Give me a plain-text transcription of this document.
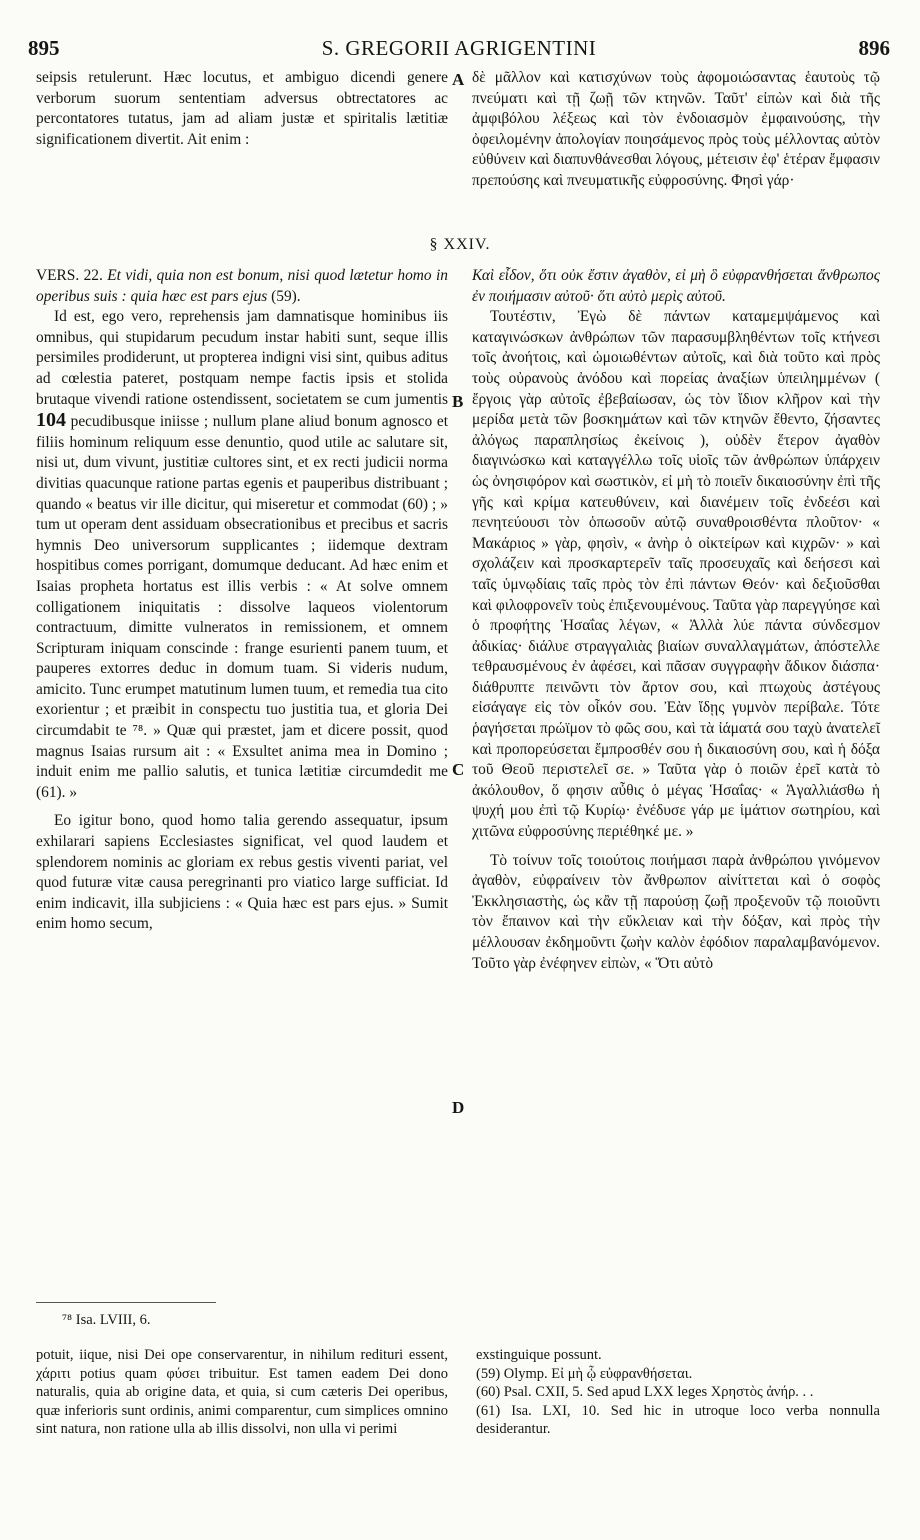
S. GREGORII AGRIGENTINI
895	896
A
B
C
D

seipsis retulerunt. Hæc locutus, et ambiguo dicendi genere verborum suorum sententiam adversus obtrectatores ac percontatores tutatus, jam ad aliam justæ et spiritalis lætitiæ significationem divertit. Ait enim :

δὲ μᾶλλον καὶ κατισχύνων τοὺς ἀφομοιώσαντας ἑαυτοὺς τῷ πνεύματι καὶ τῇ ζωῇ τῶν κτηνῶν. Ταῦτ' εἰπὼν καὶ διὰ τῆς ἀμφιβόλου λέξεως καὶ τὸν ἐνδοιασμὸν ἐμφαινούσης, τὴν ὀφειλομένην ἀπολογίαν ποιησάμενος πρὸς τοὺς μέλλοντας αὐτὸν εὐθύνειν καὶ διαπυνθάνεσθαι λόγους, μέτεισιν ἐφ' ἑτέραν ἔμφασιν πρεπούσης καὶ πνευματικῆς εὐφροσύνης. Φησὶ γάρ·

§ XXIV.

VERS. 22. Et vidi, quia non est bonum, nisi quod lætetur homo in operibus suis : quia hæc est pars ejus (59).

Id est, ego vero, reprehensis jam damnatisque hominibus iis omnibus, qui stupidarum pecudum instar habiti sunt, seque illis persimiles prodiderunt, ut propterea indigni visi sint, quibus aditus ad cœlestia pateret, postquam nempe factis ipsis et stolida brutaque vivendi ratione ostendissent, societatem se cum jumentis 104 pecudibusque iniisse ; nullum plane aliud bonum agnosco et filiis hominum reliquum esse denuntio, quod utile ac salutare sit, nisi ut, dum vivunt, justitiæ cultores sint, et ex recti judicii norma divitias quacunque ratione partas egenis et pauperibus distribuant ; quando « beatus vir ille dicitur, qui miseretur et commodat (60) ; » tum ut operam dent assiduam obsecrationibus et precibus et sacris hymnis Deo universorum supplicantes ; iidemque dextram hospitibus comes porrigant, domumque deducant. Ad hæc enim et Isaias propheta hortatus est illis verbis : « At solve omnem colligationem iniquitatis : dissolve laqueos violentorum contractuum, dimitte vulneratos in remissionem, et omnem Scripturam iniquam conscinde : frange esurienti panem tuum, et pauperes extorres deduc in domum tuam. Si videris nudum, amicito. Tunc erumpet matutinum lumen tuum, et remedia tua cito exorientur ; et præibit in conspectu tuo justitia tua, et gloria Dei circumdabit te ⁷⁸. » Quæ qui præstet, jam et dicere possit, quod magnus Isaias rursum ait : « Exsultet anima mea in Domino ; induit enim me pallio salutis, et tunica lætitiæ circumdedit me (61). »

Eo igitur bono, quod homo talia gerendo assequatur, ipsum exhilarari sapiens Ecclesiastes significat, vel quod laudem et splendorem nominis ac gloriam ex rebus gestis viventi pariat, vel quod futuræ vitæ causa peregrinanti pro viatico large sufficiat. Id enim indicavit, illa subjiciens : « Quia hæc est pars ejus. » Sumit enim homo secum,

Καὶ εἶδον, ὅτι οὐκ ἔστιν ἀγαθὸν, εἰ μὴ ὃ εὐφρανθήσεται ἄνθρωπος ἐν ποιήμασιν αὐτοῦ· ὅτι αὐτὸ μερὶς αὐτοῦ.

Τουτέστιν, Ἐγὼ δὲ πάντων καταμεμψάμενος καὶ καταγινώσκων ἀνθρώπων τῶν παρασυμβληθέντων τοῖς κτήνεσι τοῖς ἀνοήτοις, καὶ ὡμοιωθέντων αὐτοῖς, καὶ διὰ τοῦτο καὶ πρὸς τοὺς οὐρανοὺς ἀνόδου καὶ πορείας ἀναξίων ὑπειλημμένων ( ἔργοις γὰρ αὐτοῖς ἐβεβαίωσαν, ὡς τὸν ἴδιον κλῆρον καὶ τὴν μερίδα μετὰ τῶν βοσκημάτων καὶ τῶν κτηνῶν ἔθεντο, ζήσαντες ἀλόγως παραπλησίως ἐκείνοις ), οὐδὲν ἕτερον ἀγαθὸν διαγινώσκω καὶ καταγγέλλω τοῖς υἱοῖς τῶν ἀνθρώπων ὑπάρχειν ὡς ὀνησιφόρον καὶ σωστικὸν, εἰ μὴ τὸ ποιεῖν δικαιοσύνην ἐπὶ τῆς γῆς καὶ κρίμα κατευθύνειν, καὶ διανέμειν τοῖς ἐνδεέσι καὶ πενητεύουσι τὸν ὁπωσοῦν αὐτῷ συναθροισθέντα πλοῦτον· « Μακάριος » γὰρ, φησὶν, « ἀνὴρ ὁ οἰκτείρων καὶ κιχρῶν· » καὶ σχολάζειν καὶ προσκαρτερεῖν ταῖς προσευχαῖς καὶ δεήσεσι καὶ ταῖς ὑμνῳδίαις ταῖς πρὸς τὸν ἐπὶ πάντων Θεόν· καὶ δεξιοῦσθαι καὶ φιλοφρονεῖν τοὺς ἐπιξενουμένους. Ταῦτα γὰρ παρεγγύησε καὶ ὁ προφήτης Ἡσαΐας λέγων, « Ἀλλὰ λύε πάντα σύνδεσμον ἀδικίας· διάλυε στραγγαλιὰς βιαίων συναλλαγμάτων, ἀπόστελλε τεθραυσμένους ἐν ἀφέσει, καὶ πᾶσαν συγγραφὴν ἄδικον διάσπα· διάθρυπτε πεινῶντι τὸν ἄρτον σου, καὶ πτωχοὺς ἀστέγους εἰσάγαγε εἰς τὸν οἶκόν σου. Ἐὰν ἴδῃς γυμνὸν περίβαλε. Τότε ῥαγήσεται πρώϊμον τὸ φῶς σου, καὶ τὰ ἰάματά σου ταχὺ ἀνατελεῖ καὶ προπορεύσεται ἔμπροσθέν σου ἡ δικαιοσύνη σου, καὶ ἡ δόξα τοῦ Θεοῦ περιστελεῖ σε. » Ταῦτα γὰρ ὁ ποιῶν ἐρεῖ κατὰ τὸ ἀκόλουθον, ὅ φησιν αὖθις ὁ μέγας Ἡσαΐας· « Ἀγαλλιάσθω ἡ ψυχή μου ἐπὶ τῷ Κυρίῳ· ἐνέδυσε γάρ με ἱμάτιον σωτηρίου, καὶ χιτῶνα εὐφροσύνης περιέθηκέ με. »

Τὸ τοίνυν τοῖς τοιούτοις ποιήμασι παρὰ ἀνθρώπου γινόμενον ἀγαθὸν, εὐφραίνειν τὸν ἄνθρωπον αἰνίττεται καὶ ὁ σοφὸς Ἐκκλησιαστὴς, ὡς κἂν τῇ παρούσῃ ζωῇ προξενοῦν τῷ ποιοῦντι τὸν ἔπαινον καὶ τὴν εὔκλειαν καὶ τὴν δόξαν, καὶ πρὸς τὴν μέλλουσαν ἐκδημοῦντι ζωὴν καλὸν ἐφόδιον παραλαμβανόμενον. Τοῦτο γὰρ ἐνέφηνεν εἰπὼν, « Ὅτι αὐτὸ

⁷⁸ Isa. LVIII, 6.

potuit, iique, nisi Dei ope conservarentur, in nihilum redituri essent, χάριτι potius quam φύσει tribuitur. Est tamen eadem Dei dono naturalis, quia ab origine data, et quia, si cum cæteris Dei operibus, quæ inferioris sunt ordinis, animi comparentur, cum simplices omnino sint natura, non ratione ulla ab illis dissolvi, non ulla vi perimi

exstinguique possunt.

(59) Olymp. Εἰ μὴ ᾧ εὐφρανθήσεται.

(60) Psal. CXII, 5. Sed apud LXX leges Χρηστὸς ἀνήρ. . .

(61) Isa. LXI, 10. Sed hic in utroque loco verba nonnulla desiderantur.
